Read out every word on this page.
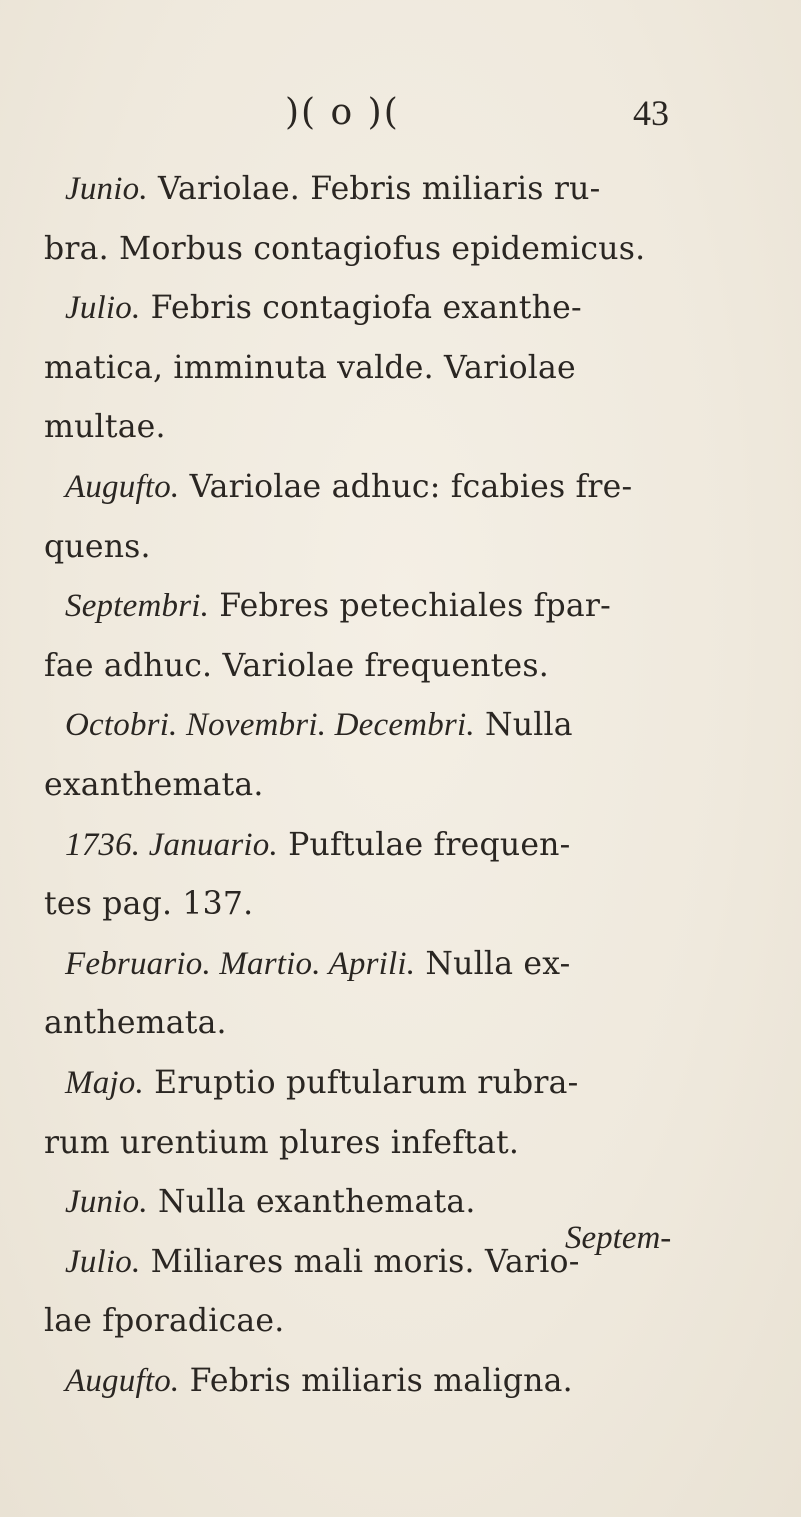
)( o )(	43
Junio. Variolae. Febris miliaris ru-
bra. Morbus contagiofus epidemicus.
Julio. Febris contagiofa exanthe-
matica, imminuta valde. Variolae
multae.
Augufto. Variolae adhuc: fcabies fre-
quens.
Septembri. Febres petechiales fpar-
fae adhuc. Variolae frequentes.
Octobri. Novembri. Decembri. Nulla
exanthemata.
1736. Januario. Puftulae frequen-
tes pag. 137.
Februario. Martio. Aprili. Nulla ex-
anthemata.
Majo. Eruptio puftularum rubra-
rum urentium plures infeftat.
Junio. Nulla exanthemata.
Julio. Miliares mali moris. Vario-
lae fporadicae.
Augufto. Febris miliaris maligna.
Septem-
